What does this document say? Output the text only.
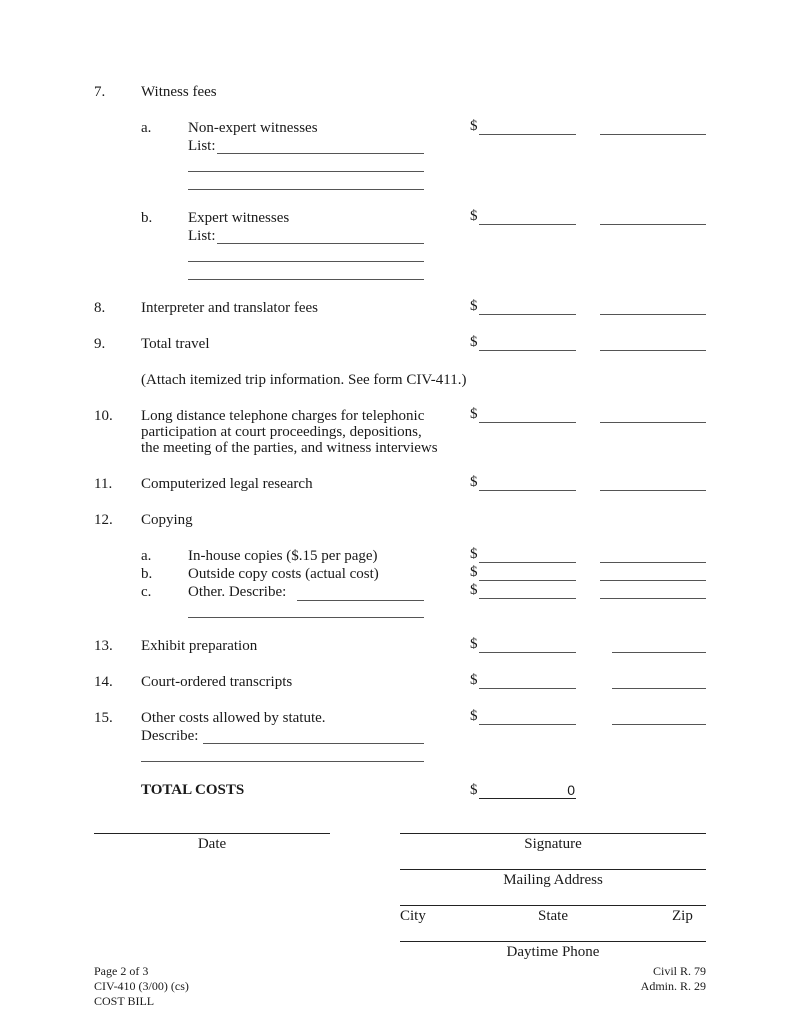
7. Witness fees
a. Non-expert witnesses
List:
$
b. Expert witnesses
List:
$
8. Interpreter and translator fees	$
9. Total travel	$
(Attach itemized trip information. See form CIV-411.)
10. Long distance telephone charges for telephonic
participation at court proceedings, depositions,
the meeting of the parties, and witness interviews
$
11. Computerized legal research	$
12. Copying
a. In-house copies ($.15 per page)	$
b. Outside copy costs (actual cost)	$
c. Other. Describe:	$
13. Exhibit preparation	$
14. Court-ordered transcripts	$
15. Other costs allowed by statute.
Describe:
$
TOTAL COSTS	$	0
Date	Signature
Mailing Address
City	State	Zip
Daytime Phone
Page 2 of 3
CIV-410 (3/00) (cs)
COST BILL
Civil R. 79
Admin. R. 29
